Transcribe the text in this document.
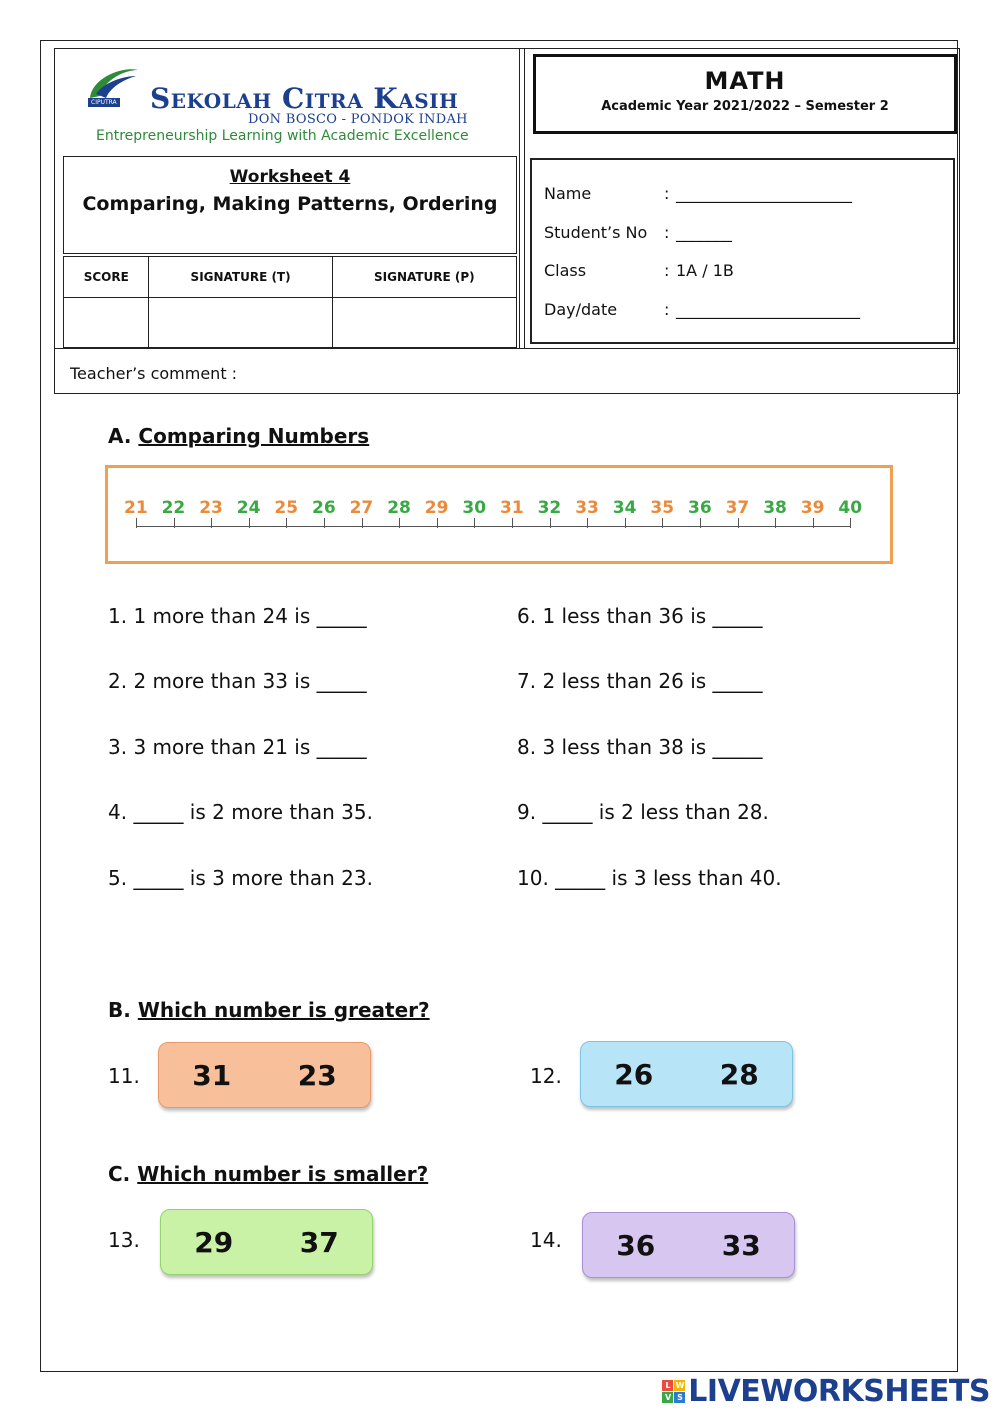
CIPUTRA Sekolah Citra Kasih
DON BOSCO - PONDOK INDAH
Entrepreneurship Learning with Academic Excellence
Worksheet 4
Comparing, Making Patterns, Ordering
SCORE	SIGNATURE (T)	SIGNATURE (P)

MATH
Academic Year 2021/2022 – Semester 2
Name	: ______________________
Student’s No : _______
Class	: 1A / 1B
Day/date	: _______________________
Teacher’s comment :
A. Comparing Numbers
21 22 23 24 25 26 27 28 29 30 31 32 33 34 35 36 37 38 39 40
1. 1 more than 24 is _____
2. 2 more than 33 is _____
3. 3 more than 21 is _____
4. _____ is 2 more than 35.
5. _____ is 3 more than 23.
6. 1 less than 36 is _____
7. 2 less than 26 is _____
8. 3 less than 38 is _____
9. _____ is 2 less than 28.
10. _____ is 3 less than 40.
B. Which number is greater?
11. 31 23	12. 26 28
C. Which number is smaller?
13. 29 37	14. 36 33
L W
V S LIVEWORKSHEETS
